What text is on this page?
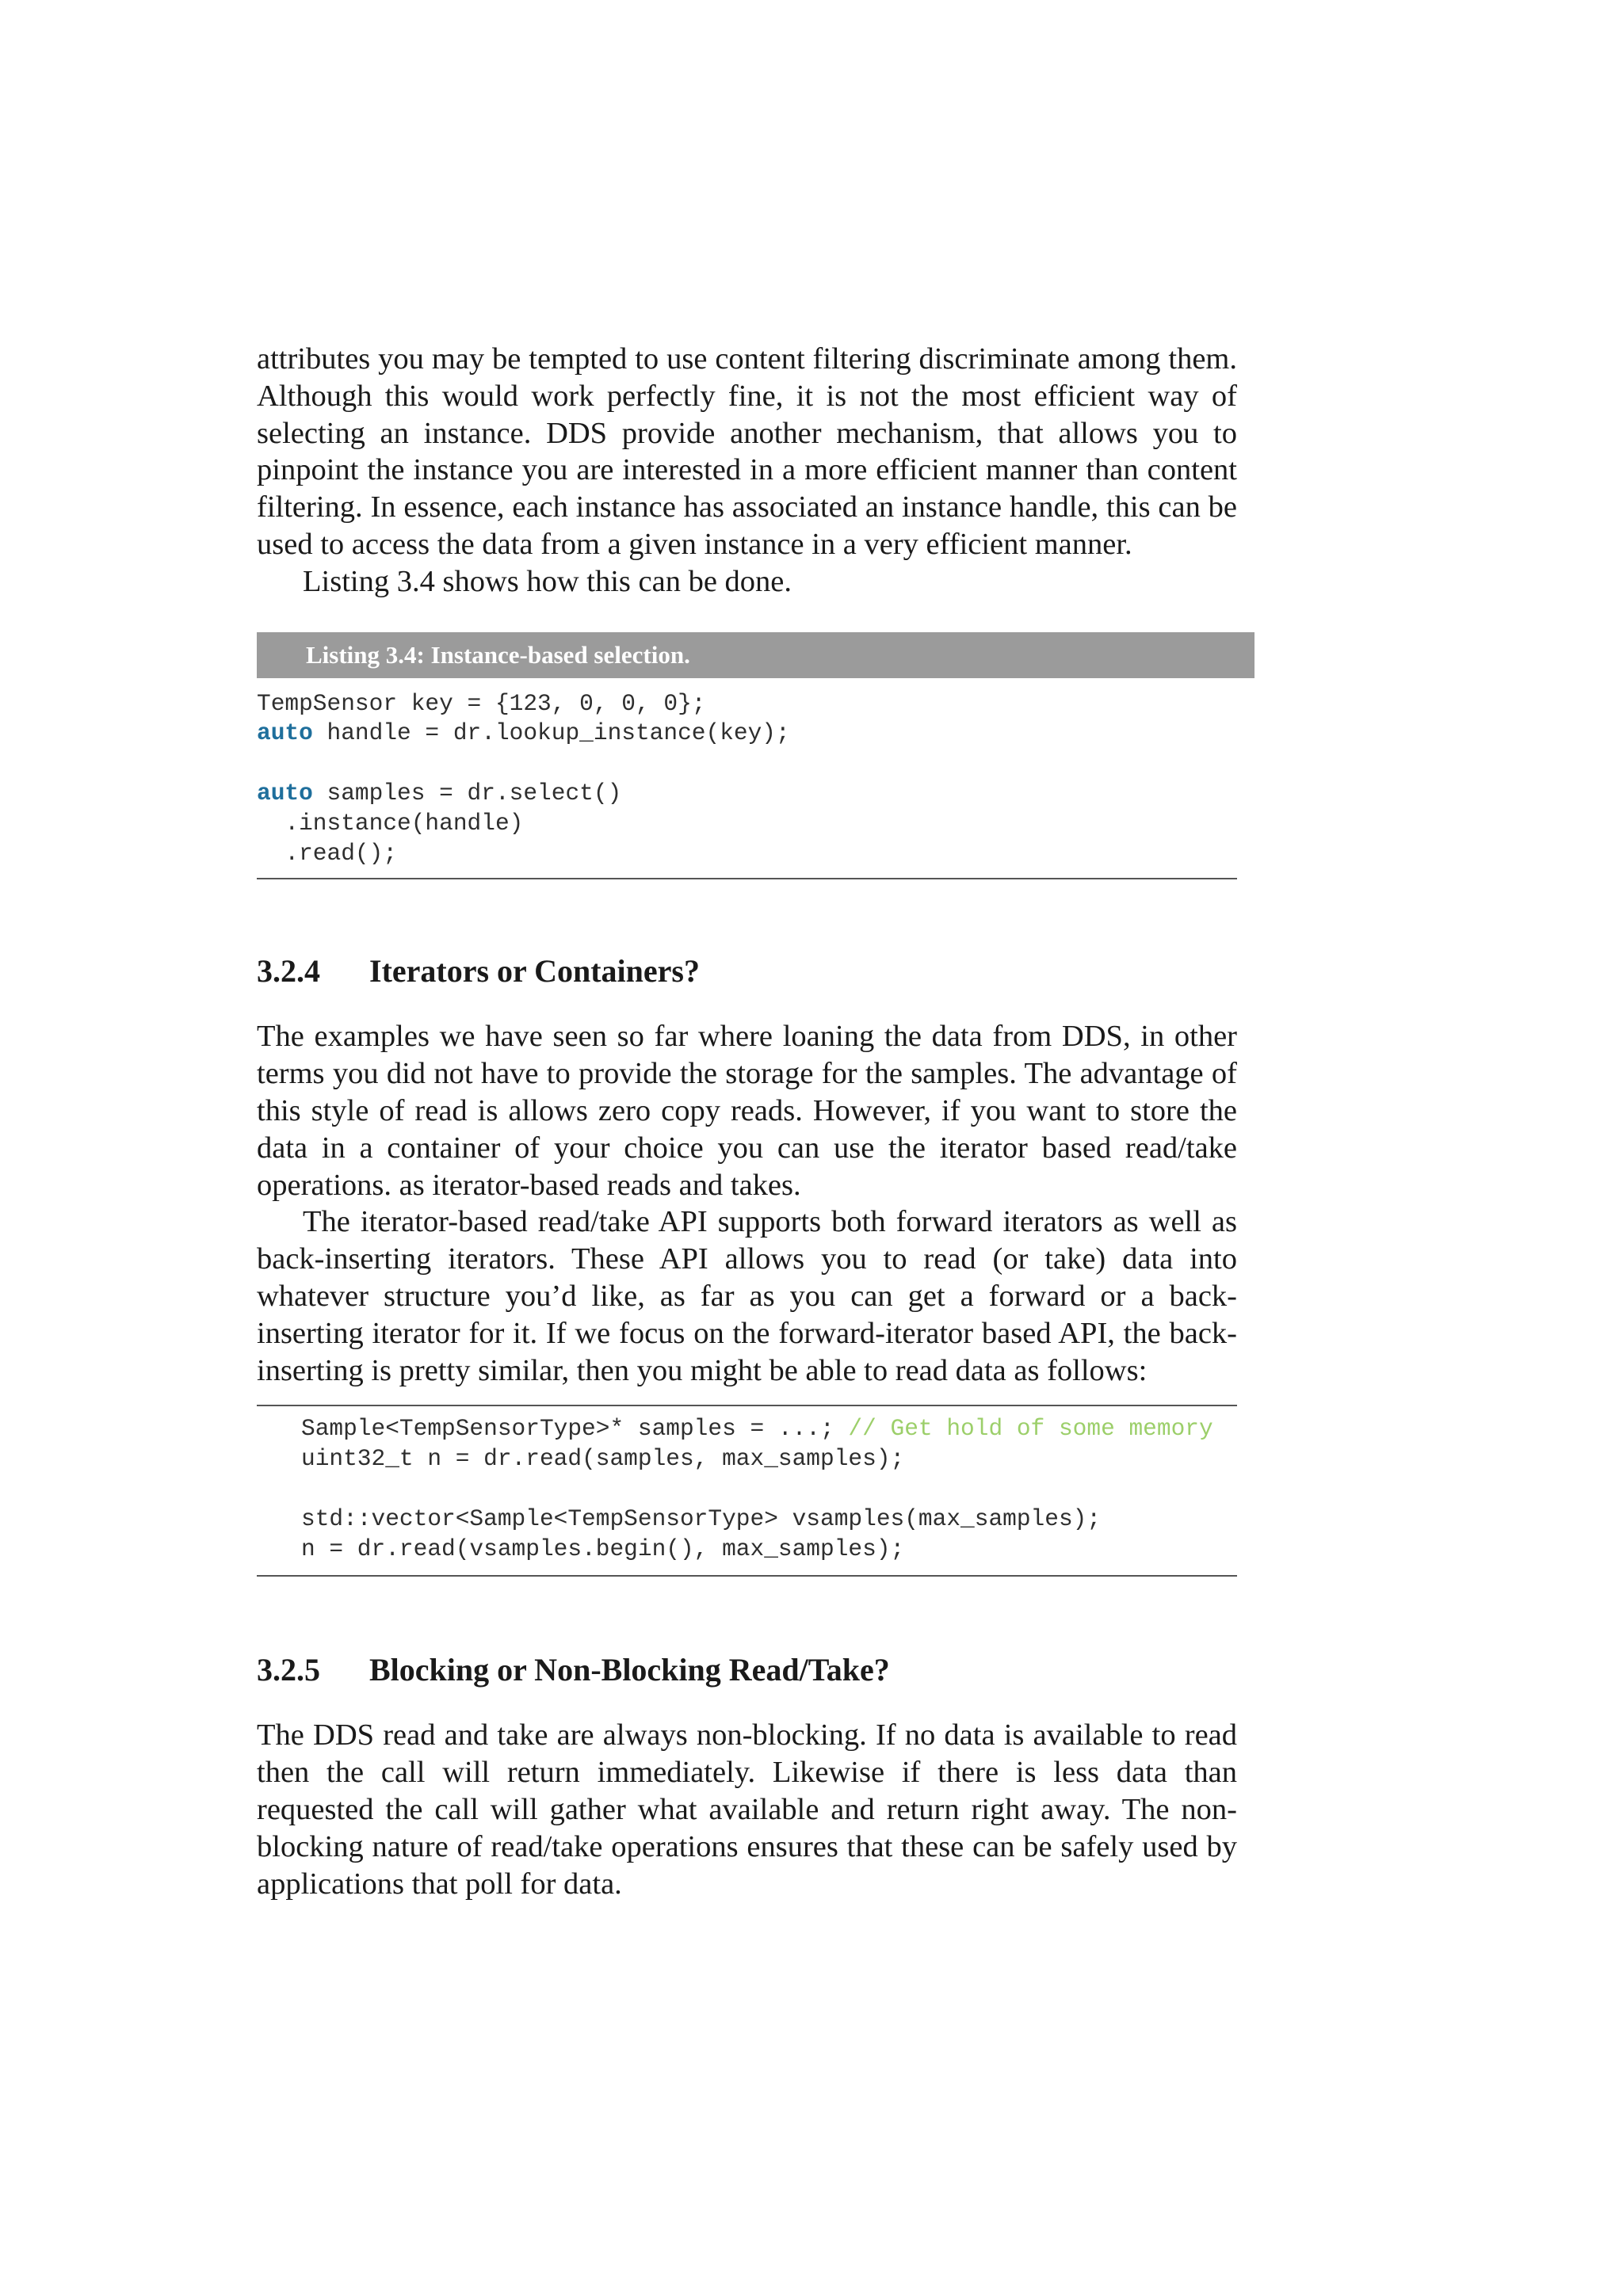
attributes you may be tempted to use content filtering discriminate among them. Although this would work perfectly fine, it is not the most efficient way of selecting an instance. DDS provide another mechanism, that allows you to pinpoint the instance you are interested in a more efficient manner than content filtering. In essence, each instance has associated an instance handle, this can be used to access the data from a given instance in a very efficient manner.

Listing 3.4 shows how this can be done.

Listing 3.4: Instance-based selection.
TempSensor key = {123, 0, 0, 0};
auto handle = dr.lookup_instance(key);

auto samples = dr.select()
.instance(handle)
.read();
3.2.4 Iterators or Containers?

The examples we have seen so far where loaning the data from DDS, in other terms you did not have to provide the storage for the samples. The advantage of this style of read is allows zero copy reads. However, if you want to store the data in a container of your choice you can use the iterator based read/take operations. as iterator-based reads and takes.

The iterator-based read/take API supports both forward iterators as well as back-inserting iterators. These API allows you to read (or take) data into whatever structure you’d like, as far as you can get a forward or a back-inserting iterator for it. If we focus on the forward-iterator based API, the back-inserting is pretty similar, then you might be able to read data as follows:

Sample<TempSensorType>* samples = ...; // Get hold of some memory
uint32_t n = dr.read(samples, max_samples);

std::vector<Sample<TempSensorType> vsamples(max_samples);
n = dr.read(vsamples.begin(), max_samples);
3.2.5 Blocking or Non-Blocking Read/Take?

The DDS read and take are always non-blocking. If no data is available to read then the call will return immediately. Likewise if there is less data than requested the call will gather what available and return right away. The non-blocking nature of read/take operations ensures that these can be safely used by applications that poll for data.
